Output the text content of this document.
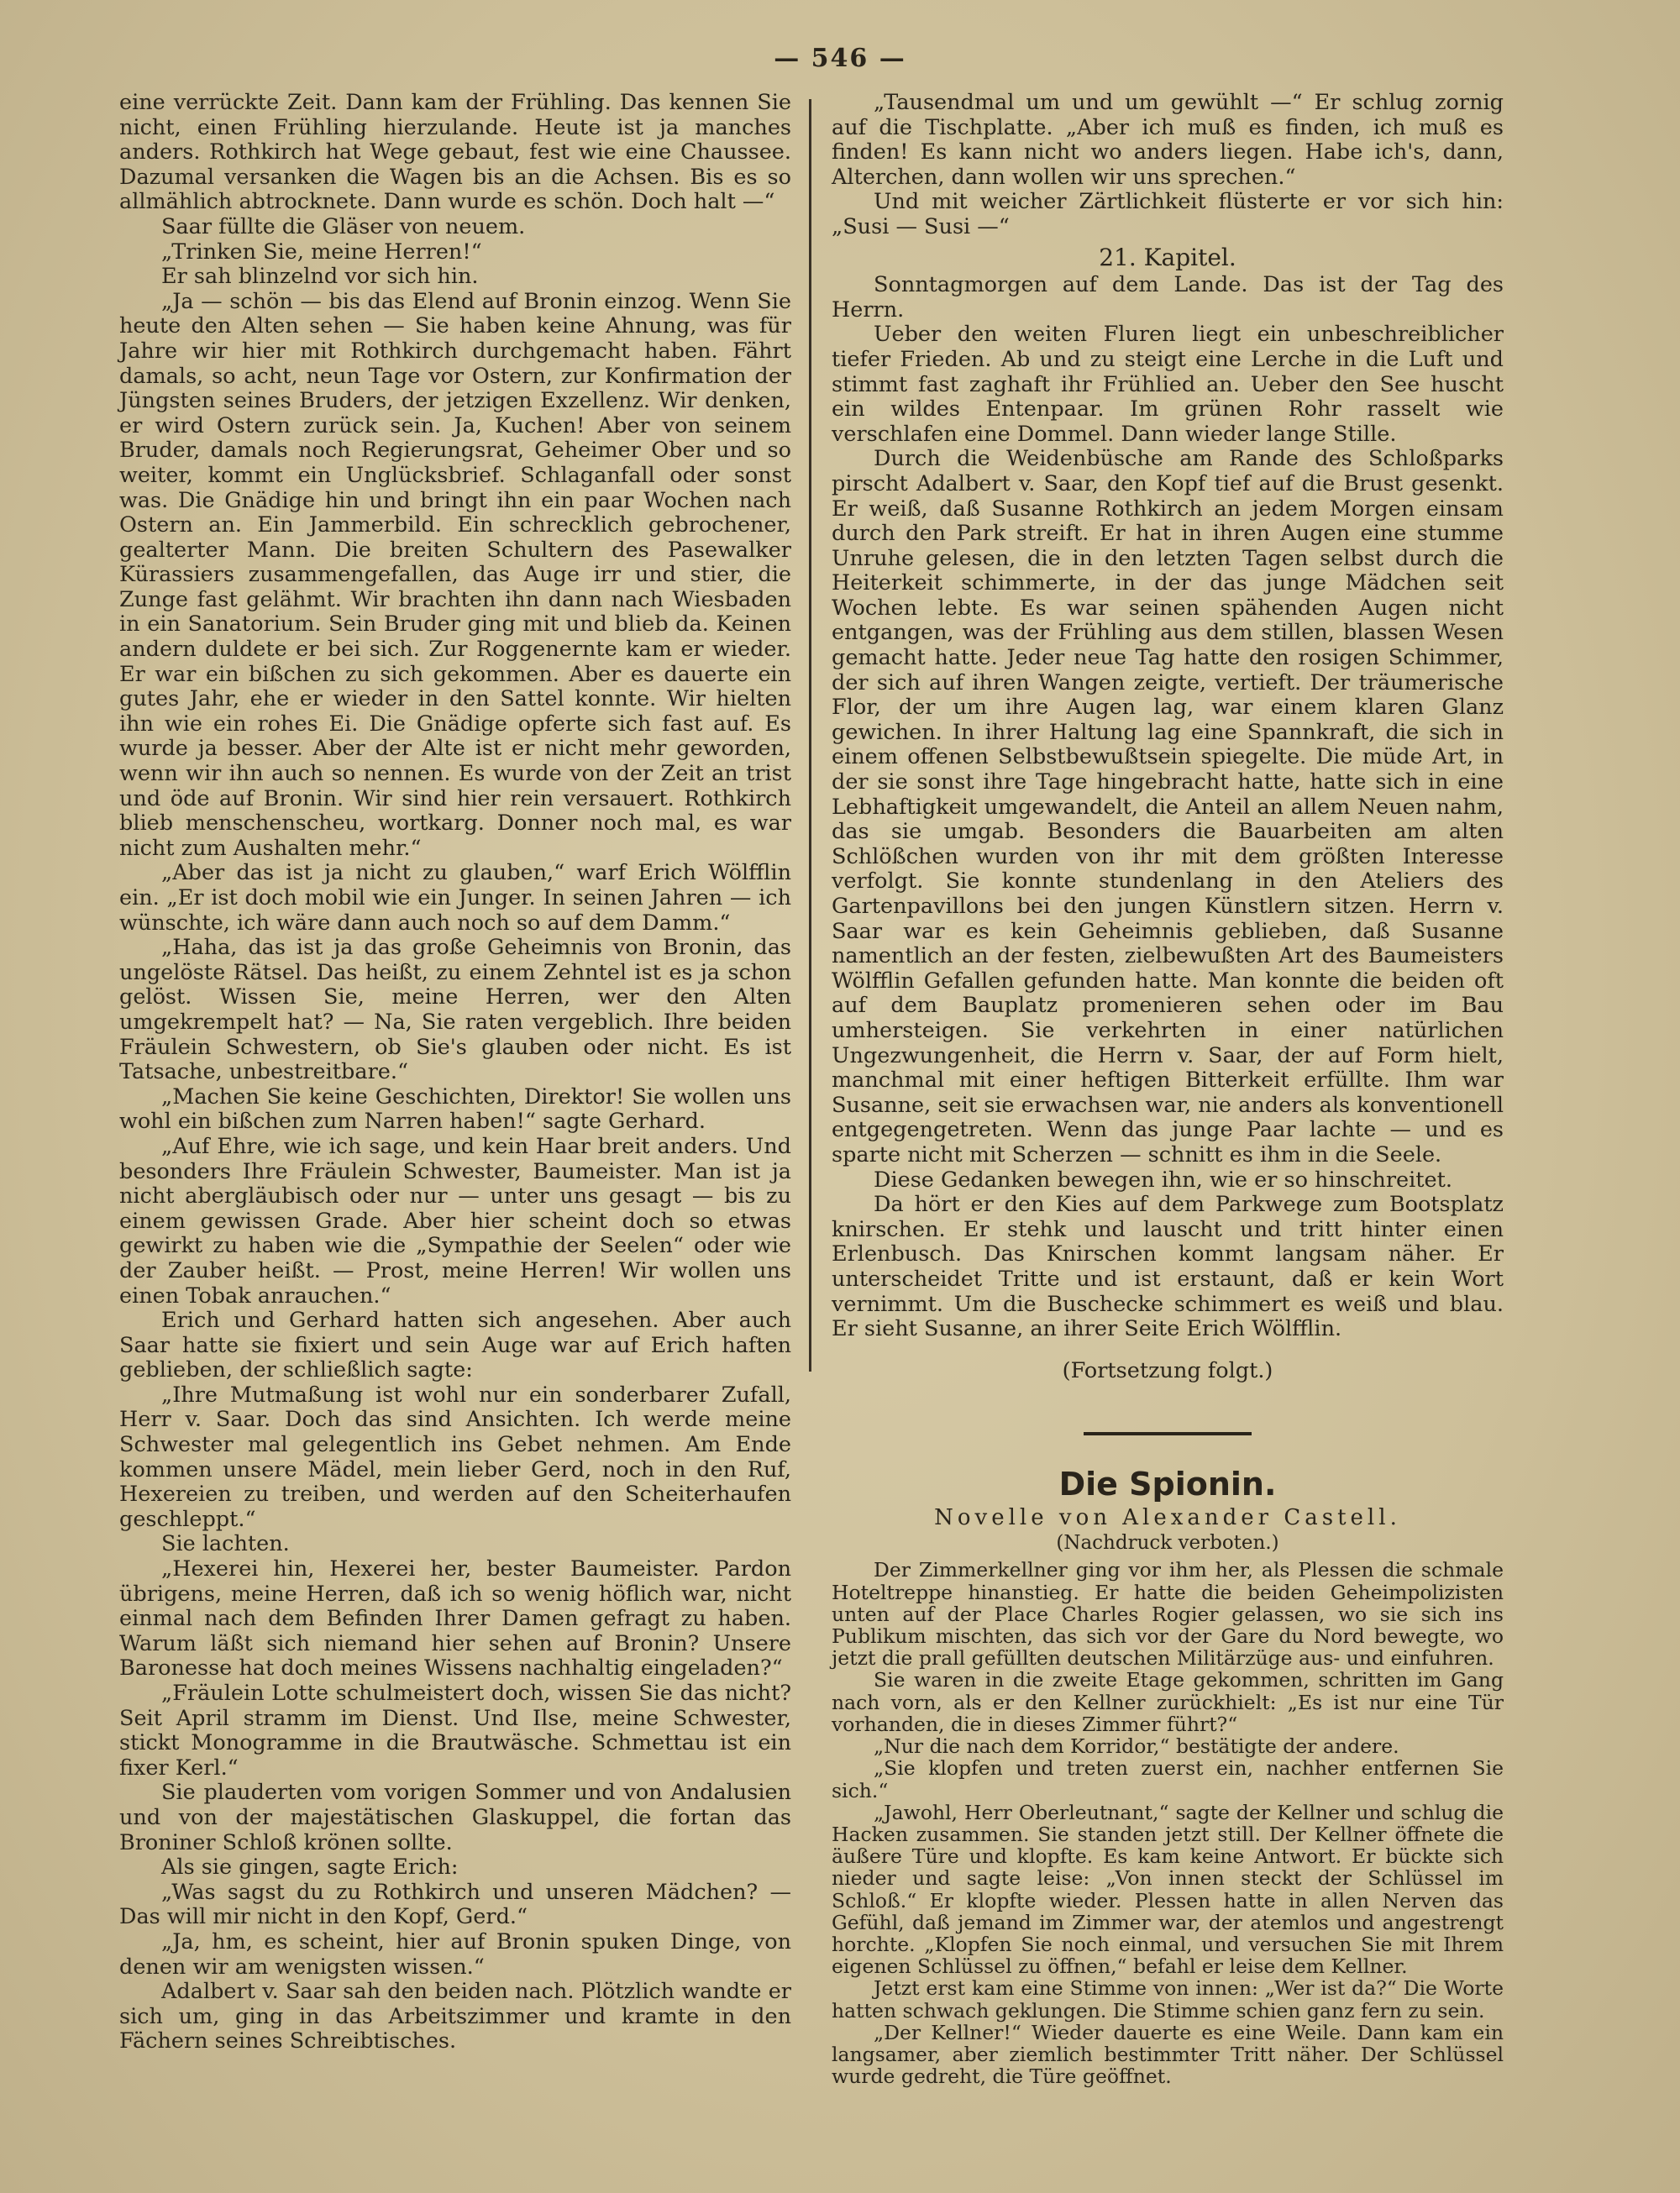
— 546 —

eine verrückte Zeit. Dann kam der Frühling. Das kennen Sie nicht, einen Frühling hierzulande. Heute ist ja manches anders. Rothkirch hat Wege gebaut, fest wie eine Chaussee. Dazumal versanken die Wagen bis an die Achsen. Bis es so allmählich abtrocknete. Dann wurde es schön. Doch halt —“

Saar füllte die Gläser von neuem.

„Trinken Sie, meine Herren!“

Er sah blinzelnd vor sich hin.

„Ja — schön — bis das Elend auf Bronin einzog. Wenn Sie heute den Alten sehen — Sie haben keine Ahnung, was für Jahre wir hier mit Rothkirch durchgemacht haben. Fährt damals, so acht, neun Tage vor Ostern, zur Konfirmation der Jüngsten seines Bruders, der jetzigen Exzellenz. Wir denken, er wird Ostern zurück sein. Ja, Kuchen! Aber von seinem Bruder, damals noch Regierungsrat, Geheimer Ober und so weiter, kommt ein Unglücksbrief. Schlaganfall oder sonst was. Die Gnädige hin und bringt ihn ein paar Wochen nach Ostern an. Ein Jammerbild. Ein schrecklich gebrochener, gealterter Mann. Die breiten Schultern des Pasewalker Kürassiers zusammengefallen, das Auge irr und stier, die Zunge fast gelähmt. Wir brachten ihn dann nach Wiesbaden in ein Sanatorium. Sein Bruder ging mit und blieb da. Keinen andern duldete er bei sich. Zur Roggenernte kam er wieder. Er war ein bißchen zu sich gekommen. Aber es dauerte ein gutes Jahr, ehe er wieder in den Sattel konnte. Wir hielten ihn wie ein rohes Ei. Die Gnädige opferte sich fast auf. Es wurde ja besser. Aber der Alte ist er nicht mehr geworden, wenn wir ihn auch so nennen. Es wurde von der Zeit an trist und öde auf Bronin. Wir sind hier rein versauert. Rothkirch blieb menschenscheu, wortkarg. Donner noch mal, es war nicht zum Aushalten mehr.“

„Aber das ist ja nicht zu glauben,“ warf Erich Wölfflin ein. „Er ist doch mobil wie ein Junger. In seinen Jahren — ich wünschte, ich wäre dann auch noch so auf dem Damm.“

„Haha, das ist ja das große Geheimnis von Bronin, das ungelöste Rätsel. Das heißt, zu einem Zehntel ist es ja schon gelöst. Wissen Sie, meine Herren, wer den Alten umgekrempelt hat? — Na, Sie raten vergeblich. Ihre beiden Fräulein Schwestern, ob Sie's glauben oder nicht. Es ist Tatsache, unbestreitbare.“

„Machen Sie keine Geschichten, Direktor! Sie wollen uns wohl ein bißchen zum Narren haben!“ sagte Gerhard.

„Auf Ehre, wie ich sage, und kein Haar breit anders. Und besonders Ihre Fräulein Schwester, Baumeister. Man ist ja nicht abergläubisch oder nur — unter uns gesagt — bis zu einem gewissen Grade. Aber hier scheint doch so etwas gewirkt zu haben wie die „Sympathie der Seelen“ oder wie der Zauber heißt. — Prost, meine Herren! Wir wollen uns einen Tobak anrauchen.“

Erich und Gerhard hatten sich angesehen. Aber auch Saar hatte sie fixiert und sein Auge war auf Erich haften geblieben, der schließlich sagte:

„Ihre Mutmaßung ist wohl nur ein sonderbarer Zufall, Herr v. Saar. Doch das sind Ansichten. Ich werde meine Schwester mal gelegentlich ins Gebet nehmen. Am Ende kommen unsere Mädel, mein lieber Gerd, noch in den Ruf, Hexereien zu treiben, und werden auf den Scheiterhaufen geschleppt.“

Sie lachten.

„Hexerei hin, Hexerei her, bester Baumeister. Pardon übrigens, meine Herren, daß ich so wenig höflich war, nicht einmal nach dem Befinden Ihrer Damen gefragt zu haben. Warum läßt sich niemand hier sehen auf Bronin? Unsere Baronesse hat doch meines Wissens nachhaltig eingeladen?“

„Fräulein Lotte schulmeistert doch, wissen Sie das nicht? Seit April stramm im Dienst. Und Ilse, meine Schwester, stickt Monogramme in die Brautwäsche. Schmettau ist ein fixer Kerl.“

Sie plauderten vom vorigen Sommer und von Andalusien und von der majestätischen Glaskuppel, die fortan das Broniner Schloß krönen sollte.

Als sie gingen, sagte Erich:

„Was sagst du zu Rothkirch und unseren Mädchen? — Das will mir nicht in den Kopf, Gerd.“

„Ja, hm, es scheint, hier auf Bronin spuken Dinge, von denen wir am wenigsten wissen.“

Adalbert v. Saar sah den beiden nach. Plötzlich wandte er sich um, ging in das Arbeitszimmer und kramte in den Fächern seines Schreibtisches.

„Tausendmal um und um gewühlt —“ Er schlug zornig auf die Tischplatte. „Aber ich muß es finden, ich muß es finden! Es kann nicht wo anders liegen. Habe ich's, dann, Alterchen, dann wollen wir uns sprechen.“

Und mit weicher Zärtlichkeit flüsterte er vor sich hin: „Susi — Susi —“

21. Kapitel.

Sonntagmorgen auf dem Lande. Das ist der Tag des Herrn.

Ueber den weiten Fluren liegt ein unbeschreiblicher tiefer Frieden. Ab und zu steigt eine Lerche in die Luft und stimmt fast zaghaft ihr Frühlied an. Ueber den See huscht ein wildes Entenpaar. Im grünen Rohr rasselt wie verschlafen eine Dommel. Dann wieder lange Stille.

Durch die Weidenbüsche am Rande des Schloßparks pirscht Adalbert v. Saar, den Kopf tief auf die Brust gesenkt. Er weiß, daß Susanne Rothkirch an jedem Morgen einsam durch den Park streift. Er hat in ihren Augen eine stumme Unruhe gelesen, die in den letzten Tagen selbst durch die Heiterkeit schimmerte, in der das junge Mädchen seit Wochen lebte. Es war seinen spähenden Augen nicht entgangen, was der Frühling aus dem stillen, blassen Wesen gemacht hatte. Jeder neue Tag hatte den rosigen Schimmer, der sich auf ihren Wangen zeigte, vertieft. Der träumerische Flor, der um ihre Augen lag, war einem klaren Glanz gewichen. In ihrer Haltung lag eine Spannkraft, die sich in einem offenen Selbstbewußtsein spiegelte. Die müde Art, in der sie sonst ihre Tage hingebracht hatte, hatte sich in eine Lebhaftigkeit umgewandelt, die Anteil an allem Neuen nahm, das sie umgab. Besonders die Bauarbeiten am alten Schlößchen wurden von ihr mit dem größten Interesse verfolgt. Sie konnte stundenlang in den Ateliers des Gartenpavillons bei den jungen Künstlern sitzen. Herrn v. Saar war es kein Geheimnis geblieben, daß Susanne namentlich an der festen, zielbewußten Art des Baumeisters Wölfflin Gefallen gefunden hatte. Man konnte die beiden oft auf dem Bauplatz promenieren sehen oder im Bau umhersteigen. Sie verkehrten in einer natürlichen Ungezwungenheit, die Herrn v. Saar, der auf Form hielt, manchmal mit einer heftigen Bitterkeit erfüllte. Ihm war Susanne, seit sie erwachsen war, nie anders als konventionell entgegengetreten. Wenn das junge Paar lachte — und es sparte nicht mit Scherzen — schnitt es ihm in die Seele.

Diese Gedanken bewegen ihn, wie er so hinschreitet.

Da hört er den Kies auf dem Parkwege zum Bootsplatz knirschen. Er stehk und lauscht und tritt hinter einen Erlenbusch. Das Knirschen kommt langsam näher. Er unterscheidet Tritte und ist erstaunt, daß er kein Wort vernimmt. Um die Buschecke schimmert es weiß und blau. Er sieht Susanne, an ihrer Seite Erich Wölfflin.

(Fortsetzung folgt.)

Die Spionin.

Novelle von Alexander Castell.

(Nachdruck verboten.)

Der Zimmerkellner ging vor ihm her, als Plessen die schmale Hoteltreppe hinanstieg. Er hatte die beiden Geheimpolizisten unten auf der Place Charles Rogier gelassen, wo sie sich ins Publikum mischten, das sich vor der Gare du Nord bewegte, wo jetzt die prall gefüllten deutschen Militärzüge aus- und einfuhren.

Sie waren in die zweite Etage gekommen, schritten im Gang nach vorn, als er den Kellner zurückhielt: „Es ist nur eine Tür vorhanden, die in dieses Zimmer führt?“

„Nur die nach dem Korridor,“ bestätigte der andere.

„Sie klopfen und treten zuerst ein, nachher entfernen Sie sich.“

„Jawohl, Herr Oberleutnant,“ sagte der Kellner und schlug die Hacken zusammen. Sie standen jetzt still. Der Kellner öffnete die äußere Türe und klopfte. Es kam keine Antwort. Er bückte sich nieder und sagte leise: „Von innen steckt der Schlüssel im Schloß.“ Er klopfte wieder. Plessen hatte in allen Nerven das Gefühl, daß jemand im Zimmer war, der atemlos und angestrengt horchte. „Klopfen Sie noch einmal, und versuchen Sie mit Ihrem eigenen Schlüssel zu öffnen,“ befahl er leise dem Kellner.

Jetzt erst kam eine Stimme von innen: „Wer ist da?“ Die Worte hatten schwach geklungen. Die Stimme schien ganz fern zu sein.

„Der Kellner!“ Wieder dauerte es eine Weile. Dann kam ein langsamer, aber ziemlich bestimmter Tritt näher. Der Schlüssel wurde gedreht, die Türe geöffnet.
